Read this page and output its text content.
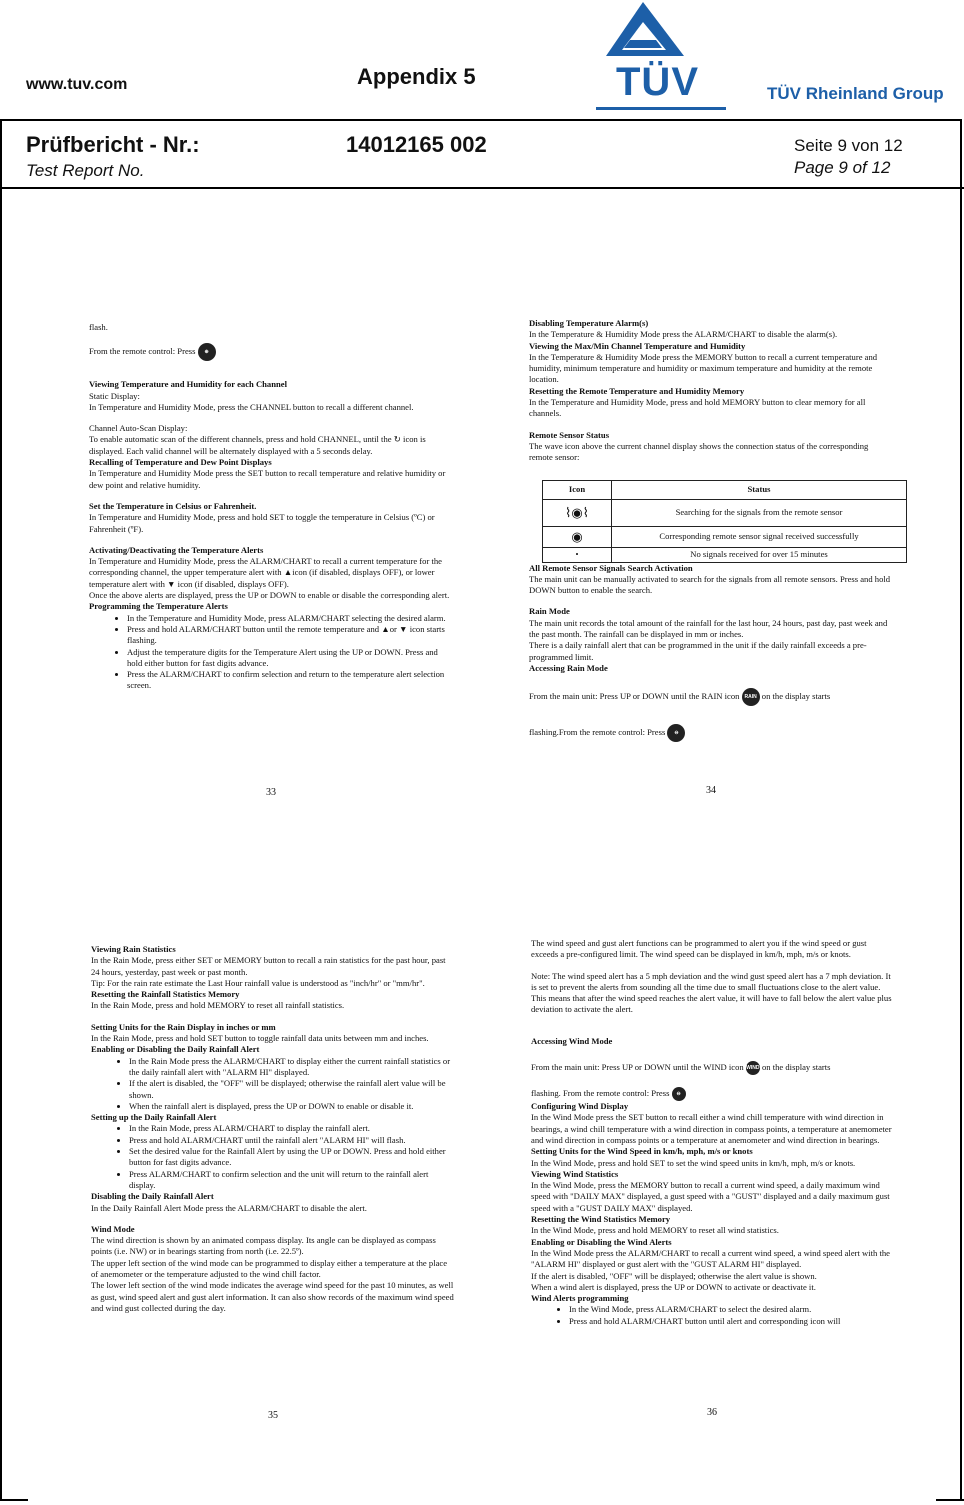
www.tuv.com	Appendix 5	TÜV	TÜV Rheinland Group
Prüfbericht - Nr.:
Test Report No.
14012165 002	Seite 9 von 12
Page 9 of 12

flash.

From the remote control: Press ⊕

Viewing Temperature and Humidity for each Channel

Static Display:

In Temperature and Humidity Mode, press the CHANNEL button to recall a different channel.

Channel Auto-Scan Display:

To enable automatic scan of the different channels, press and hold CHANNEL, until the ↻ icon is displayed. Each valid channel will be alternately displayed with a 5 seconds delay.

Recalling of Temperature and Dew Point Displays

In Temperature and Humidity Mode press the SET button to recall temperature and relative humidity or dew point and relative humidity.

Set the Temperature in Celsius or Fahrenheit.

In Temperature and Humidity Mode, press and hold SET to toggle the temperature in Celsius (ºC) or Fahrenheit (ºF).

Activating/Deactivating the Temperature Alerts

In Temperature and Humidity Mode, press the ALARM/CHART to recall a current temperature for the corresponding channel, the upper temperature alert with ▲icon (if disabled, displays OFF), or lower temperature alert with ▼ icon (if disabled, displays OFF).

Once the above alerts are displayed, press the UP or DOWN to enable or disable the corresponding alert.

Programming the Temperature Alerts

• In the Temperature and Humidity Mode, press ALARM/CHART selecting the desired alarm.
• Press and hold ALARM/CHART button until the remote temperature and ▲or ▼ icon starts flashing.
• Adjust the temperature digits for the Temperature Alert using the UP or DOWN. Press and hold either button for fast digits advance.
• Press the ALARM/CHART to confirm selection and return to the temperature alert selection screen.
33

Disabling Temperature Alarm(s)

In the Temperature & Humidity Mode press the ALARM/CHART to disable the alarm(s).

Viewing the Max/Min Channel Temperature and Humidity

In the Temperature & Humidity Mode press the MEMORY button to recall a current temperature and humidity, minimum temperature and humidity or maximum temperature and humidity at the remote location.

Resetting the Remote Temperature and Humidity Memory

In the Temperature and Humidity Mode, press and hold MEMORY button to clear memory for all channels.

Remote Sensor Status

The wave icon above the current channel display shows the connection status of the corresponding remote sensor:

Icon	Status
⌇◉⌇	Searching for the signals from the remote sensor
◉	Corresponding remote sensor signal received successfully
•	No signals received for over 15 minutes

All Remote Sensor Signals Search Activation

The main unit can be manually activated to search for the signals from all remote sensors. Press and hold DOWN button to enable the search.

Rain Mode

The main unit records the total amount of the rainfall for the last hour, 24 hours, past day, past week and the past month. The rainfall can be displayed in mm or inches.

There is a daily rainfall alert that can be programmed in the unit if the daily rainfall exceeds a pre-programmed limit.

Accessing Rain Mode

From the main unit: Press UP or DOWN until the RAIN icon RAIN on the display starts

flashing.From the remote control: Press ⊖

34

Viewing Rain Statistics

In the Rain Mode, press either SET or MEMORY button to recall a rain statistics for the past hour, past 24 hours, yesterday, past week or past month.

Tip: For the rain rate estimate the Last Hour rainfall value is understood as "inch/hr" or "mm/hr".

Resetting the Rainfall Statistics Memory

In the Rain Mode, press and hold MEMORY to reset all rainfall statistics.

Setting Units for the Rain Display in inches or mm

In the Rain Mode, press and hold SET button to toggle rainfall data units between mm and inches.

Enabling or Disabling the Daily Rainfall Alert

• In the Rain Mode press the ALARM/CHART to display either the current rainfall statistics or the daily rainfall alert with "ALARM HI" displayed.
• If the alert is disabled, the "OFF" will be displayed; otherwise the rainfall alert value will be shown.
• When the rainfall alert is displayed, press the UP or DOWN to enable or disable it.

Setting up the Daily Rainfall Alert

• In the Rain Mode, press ALARM/CHART to display the rainfall alert.
• Press and hold ALARM/CHART until the rainfall alert "ALARM HI" will flash.
• Set the desired value for the Rainfall Alert by using the UP or DOWN. Press and hold either button for fast digits advance.
• Press ALARM/CHART to confirm selection and the unit will return to the rainfall alert display.

Disabling the Daily Rainfall Alert

In the Daily Rainfall Alert Mode press the ALARM/CHART to disable the alert.

Wind Mode

The wind direction is shown by an animated compass display. Its angle can be displayed as compass points (i.e. NW) or in bearings starting from north (i.e. 22.5º).

The upper left section of the wind mode can be programmed to display either a temperature at the place of anemometer or the temperature adjusted to the wind chill factor.

The lower left section of the wind mode indicates the average wind speed for the past 10 minutes, as well as gust, wind speed alert and gust alert information. It can also show records of the maximum wind speed and wind gust collected during the day.

35

The wind speed and gust alert functions can be programmed to alert you if the wind speed or gust exceeds a pre-configured limit. The wind speed can be displayed in km/h, mph, m/s or knots.

Note: The wind speed alert has a 5 mph deviation and the wind gust speed alert has a 7 mph deviation. It is set to prevent the alerts from sounding all the time due to small fluctuations close to the alert value. This means that after the wind speed reaches the alert value, it will have to fall below the alert value plus deviation to activate the alert.

Accessing Wind Mode

From the main unit: Press UP or DOWN until the WIND icon WIND on the display starts

flashing. From the remote control: Press ⊖

Configuring Wind Display

In the Wind Mode press the SET button to recall either a wind chill temperature with wind direction in bearings, a wind chill temperature with a wind direction in compass points, a temperature at anemometer and wind direction in compass points or a temperature at anemometer and wind direction in bearings.

Setting Units for the Wind Speed in km/h, mph, m/s or knots

In the Wind Mode, press and hold SET to set the wind speed units in km/h, mph, m/s or knots.

Viewing Wind Statistics

In the Wind Mode, press the MEMORY button to recall a current wind speed, a daily maximum wind speed with "DAILY MAX" displayed, a gust speed with a "GUST" displayed and a daily maximum gust speed with a "GUST DAILY MAX" displayed.

Resetting the Wind Statistics Memory

In the Wind Mode, press and hold MEMORY to reset all wind statistics.

Enabling or Disabling the Wind Alerts

In the Wind Mode press the ALARM/CHART to recall a current wind speed, a wind speed alert with the "ALARM HI" displayed or gust alert with the "GUST ALARM HI" displayed.

If the alert is disabled, "OFF" will be displayed; otherwise the alert value is shown.

When a wind alert is displayed, press the UP or DOWN to activate or deactivate it.

Wind Alerts programming

• In the Wind Mode, press ALARM/CHART to select the desired alarm.
• Press and hold ALARM/CHART button until alert and corresponding icon will
36
